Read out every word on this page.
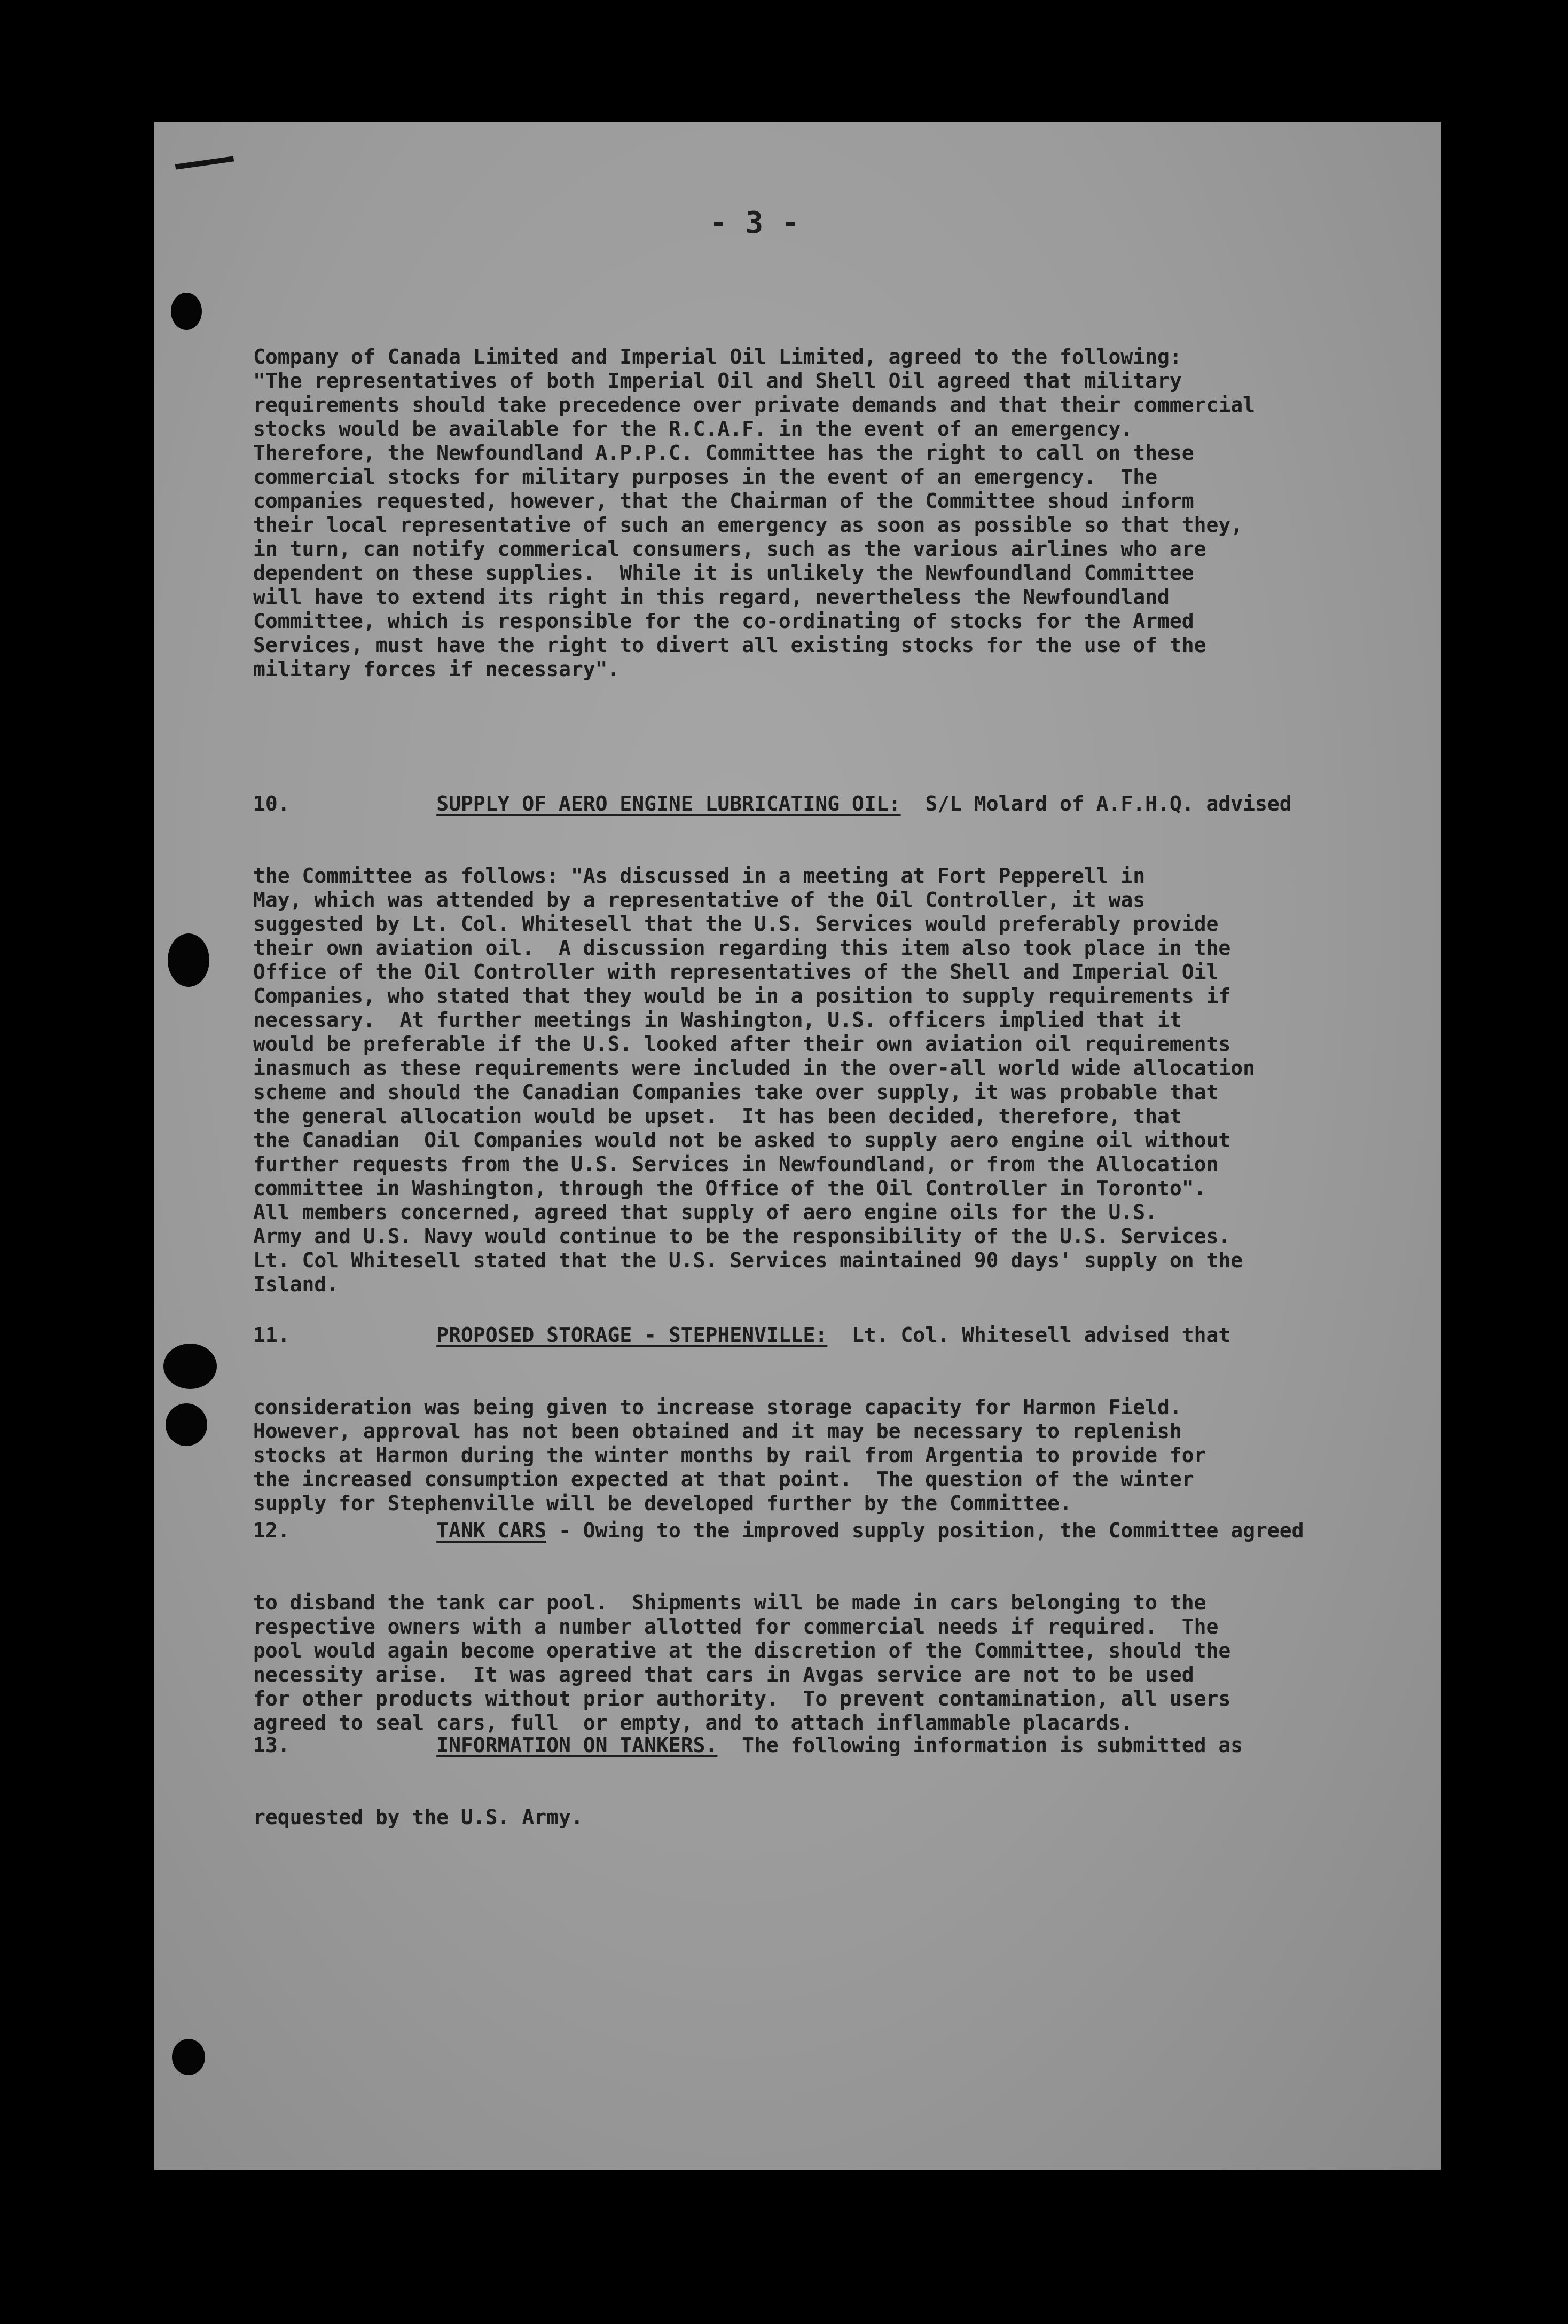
- 3 -
Company of Canada Limited and Imperial Oil Limited, agreed to the following:
"The representatives of both Imperial Oil and Shell Oil agreed that military
requirements should take precedence over private demands and that their commercial
stocks would be available for the R.C.A.F. in the event of an emergency.
Therefore, the Newfoundland A.P.P.C. Committee has the right to call on these
commercial stocks for military purposes in the event of an emergency.  The
companies requested, however, that the Chairman of the Committee shoud inform
their local representative of such an emergency as soon as possible so that they,
in turn, can notify commerical consumers, such as the various airlines who are
dependent on these supplies.  While it is unlikely the Newfoundland Committee
will have to extend its right in this regard, nevertheless the Newfoundland
Committee, which is responsible for the co-ordinating of stocks for the Armed
Services, must have the right to divert all existing stocks for the use of the
military forces if necessary".

10.	SUPPLY OF AERO ENGINE LUBRICATING OIL: S/L Molard of A.F.H.Q. advised

the Committee as follows: "As discussed in a meeting at Fort Pepperell in
May, which was attended by a representative of the Oil Controller, it was
suggested by Lt. Col. Whitesell that the U.S. Services would preferably provide
their own aviation oil.  A discussion regarding this item also took place in the
Office of the Oil Controller with representatives of the Shell and Imperial Oil
Companies, who stated that they would be in a position to supply requirements if
necessary.  At further meetings in Washington, U.S. officers implied that it
would be preferable if the U.S. looked after their own aviation oil requirements
inasmuch as these requirements were included in the over-all world wide allocation
scheme and should the Canadian Companies take over supply, it was probable that
the general allocation would be upset.  It has been decided, therefore, that
the Canadian  Oil Companies would not be asked to supply aero engine oil without
further requests from the U.S. Services in Newfoundland, or from the Allocation
committee in Washington, through the Office of the Oil Controller in Toronto".
All members concerned, agreed that supply of aero engine oils for the U.S.
Army and U.S. Navy would continue to be the responsibility of the U.S. Services.
Lt. Col Whitesell stated that the U.S. Services maintained 90 days' supply on the
Island.

11.	PROPOSED STORAGE - STEPHENVILLE: Lt. Col. Whitesell advised that

consideration was being given to increase storage capacity for Harmon Field.
However, approval has not been obtained and it may be necessary to replenish
stocks at Harmon during the winter months by rail from Argentia to provide for
the increased consumption expected at that point.  The question of the winter
supply for Stephenville will be developed further by the Committee.

12.	TANK CARS - Owing to the improved supply position, the Committee agreed

to disband the tank car pool.  Shipments will be made in cars belonging to the
respective owners with a number allotted for commercial needs if required.  The
pool would again become operative at the discretion of the Committee, should the
necessity arise.  It was agreed that cars in Avgas service are not to be used
for other products without prior authority.  To prevent contamination, all users
agreed to seal cars, full  or empty, and to attach inflammable placards.

13.	INFORMATION ON TANKERS. The following information is submitted as

requested by the U.S. Army.
